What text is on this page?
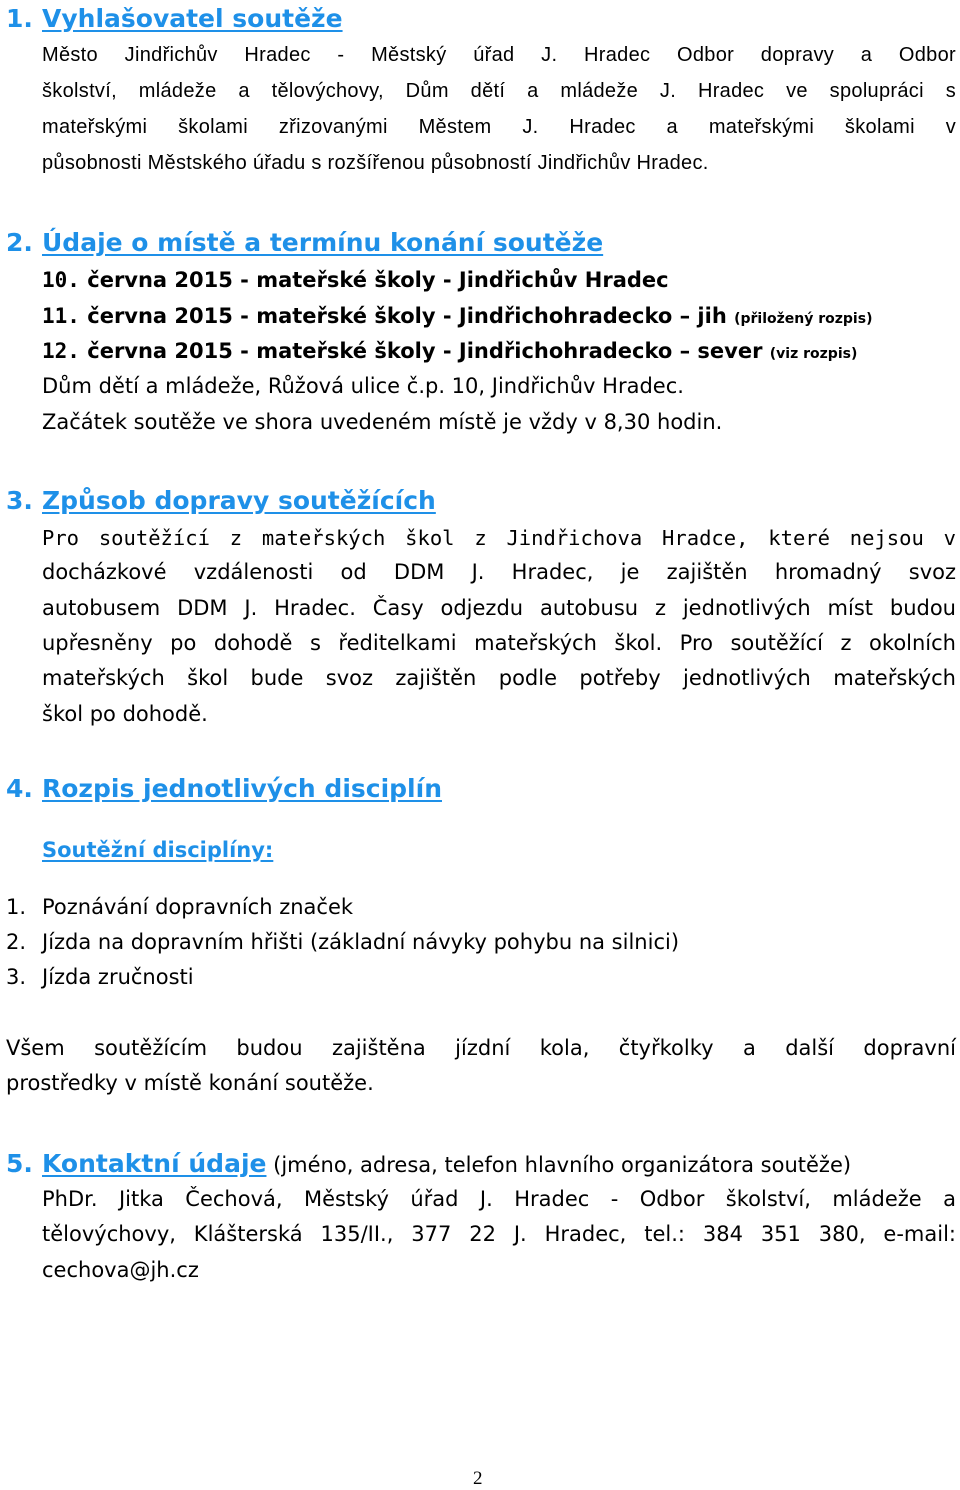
1. Vyhlašovatel soutěže
Město Jindřichův Hradec - Městský úřad J. Hradec Odbor dopravy a Odbor
školství, mládeže a tělovýchovy, Dům dětí a mládeže J. Hradec ve spolupráci s
mateřskými školami zřizovanými Městem J. Hradec a mateřskými školami v
působnosti Městského úřadu s rozšířenou působností Jindřichův Hradec.
2. Údaje o místě a termínu konání soutěže
10. června 2015 - mateřské školy - Jindřichův Hradec
11. června 2015 - mateřské školy - Jindřichohradecko – jih (přiložený rozpis)
12. června 2015 - mateřské školy - Jindřichohradecko – sever (viz rozpis)
Dům dětí a mládeže, Růžová ulice č.p. 10, Jindřichův Hradec.
Začátek soutěže ve shora uvedeném místě je vždy v 8,30 hodin.
3. Způsob dopravy soutěžících
Pro soutěžící z mateřských škol z Jindřichova Hradce, které nejsou v
docházkové vzdálenosti od DDM J. Hradec, je zajištěn hromadný svoz
autobusem DDM J. Hradec. Časy odjezdu autobusu z jednotlivých míst budou
upřesněny po dohodě s ředitelkami mateřských škol. Pro soutěžící z okolních
mateřských škol bude svoz zajištěn podle potřeby jednotlivých mateřských
škol po dohodě.
4. Rozpis jednotlivých disciplín
Soutěžní disciplíny:
1. Poznávání dopravních značek
2. Jízda na dopravním hřišti (základní návyky pohybu na silnici)
3. Jízda zručnosti
Všem soutěžícím budou zajištěna jízdní kola, čtyřkolky a další dopravní
prostředky v místě konání soutěže.
5. Kontaktní údaje (jméno, adresa, telefon hlavního organizátora soutěže)
PhDr. Jitka Čechová, Městský úřad J. Hradec - Odbor školství, mládeže a
tělovýchovy, Klášterská 135/II., 377 22 J. Hradec, tel.: 384 351 380, e-mail:
cechova@jh.cz
2
